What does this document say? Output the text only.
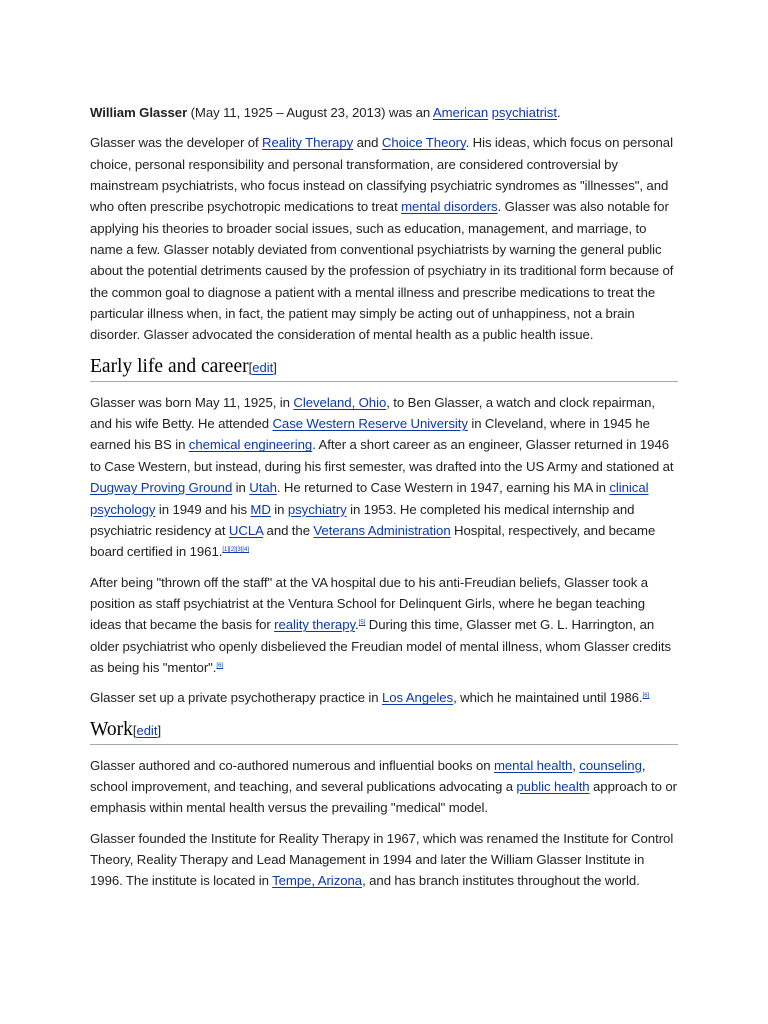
William Glasser (May 11, 1925 – August 23, 2013) was an American psychiatrist.

Glasser was the developer of Reality Therapy and Choice Theory. His ideas, which focus on personal choice, personal responsibility and personal transformation, are considered controversial by mainstream psychiatrists, who focus instead on classifying psychiatric syndromes as "illnesses", and who often prescribe psychotropic medications to treat mental disorders. Glasser was also notable for applying his theories to broader social issues, such as education, management, and marriage, to name a few. Glasser notably deviated from conventional psychiatrists by warning the general public about the potential detriments caused by the profession of psychiatry in its traditional form because of the common goal to diagnose a patient with a mental illness and prescribe medications to treat the particular illness when, in fact, the patient may simply be acting out of unhappiness, not a brain disorder. Glasser advocated the consideration of mental health as a public health issue.

Early life and career[edit]

Glasser was born May 11, 1925, in Cleveland, Ohio, to Ben Glasser, a watch and clock repairman, and his wife Betty. He attended Case Western Reserve University in Cleveland, where in 1945 he earned his BS in chemical engineering. After a short career as an engineer, Glasser returned in 1946 to Case Western, but instead, during his first semester, was drafted into the US Army and stationed at Dugway Proving Ground in Utah. He returned to Case Western in 1947, earning his MA in clinical psychology in 1949 and his MD in psychiatry in 1953. He completed his medical internship and psychiatric residency at UCLA and the Veterans Administration Hospital, respectively, and became board certified in 1961.[1][2][3][4]

After being "thrown off the staff" at the VA hospital due to his anti-Freudian beliefs, Glasser took a position as staff psychiatrist at the Ventura School for Delinquent Girls, where he began teaching ideas that became the basis for reality therapy.[5] During this time, Glasser met G. L. Harrington, an older psychiatrist who openly disbelieved the Freudian model of mental illness, whom Glasser credits as being his "mentor".[6]

Glasser set up a private psychotherapy practice in Los Angeles, which he maintained until 1986.[6]

Work[edit]

Glasser authored and co-authored numerous and influential books on mental health, counseling, school improvement, and teaching, and several publications advocating a public health approach to or emphasis within mental health versus the prevailing "medical" model.

Glasser founded the Institute for Reality Therapy in 1967, which was renamed the Institute for Control Theory, Reality Therapy and Lead Management in 1994 and later the William Glasser Institute in 1996. The institute is located in Tempe, Arizona, and has branch institutes throughout the world.
